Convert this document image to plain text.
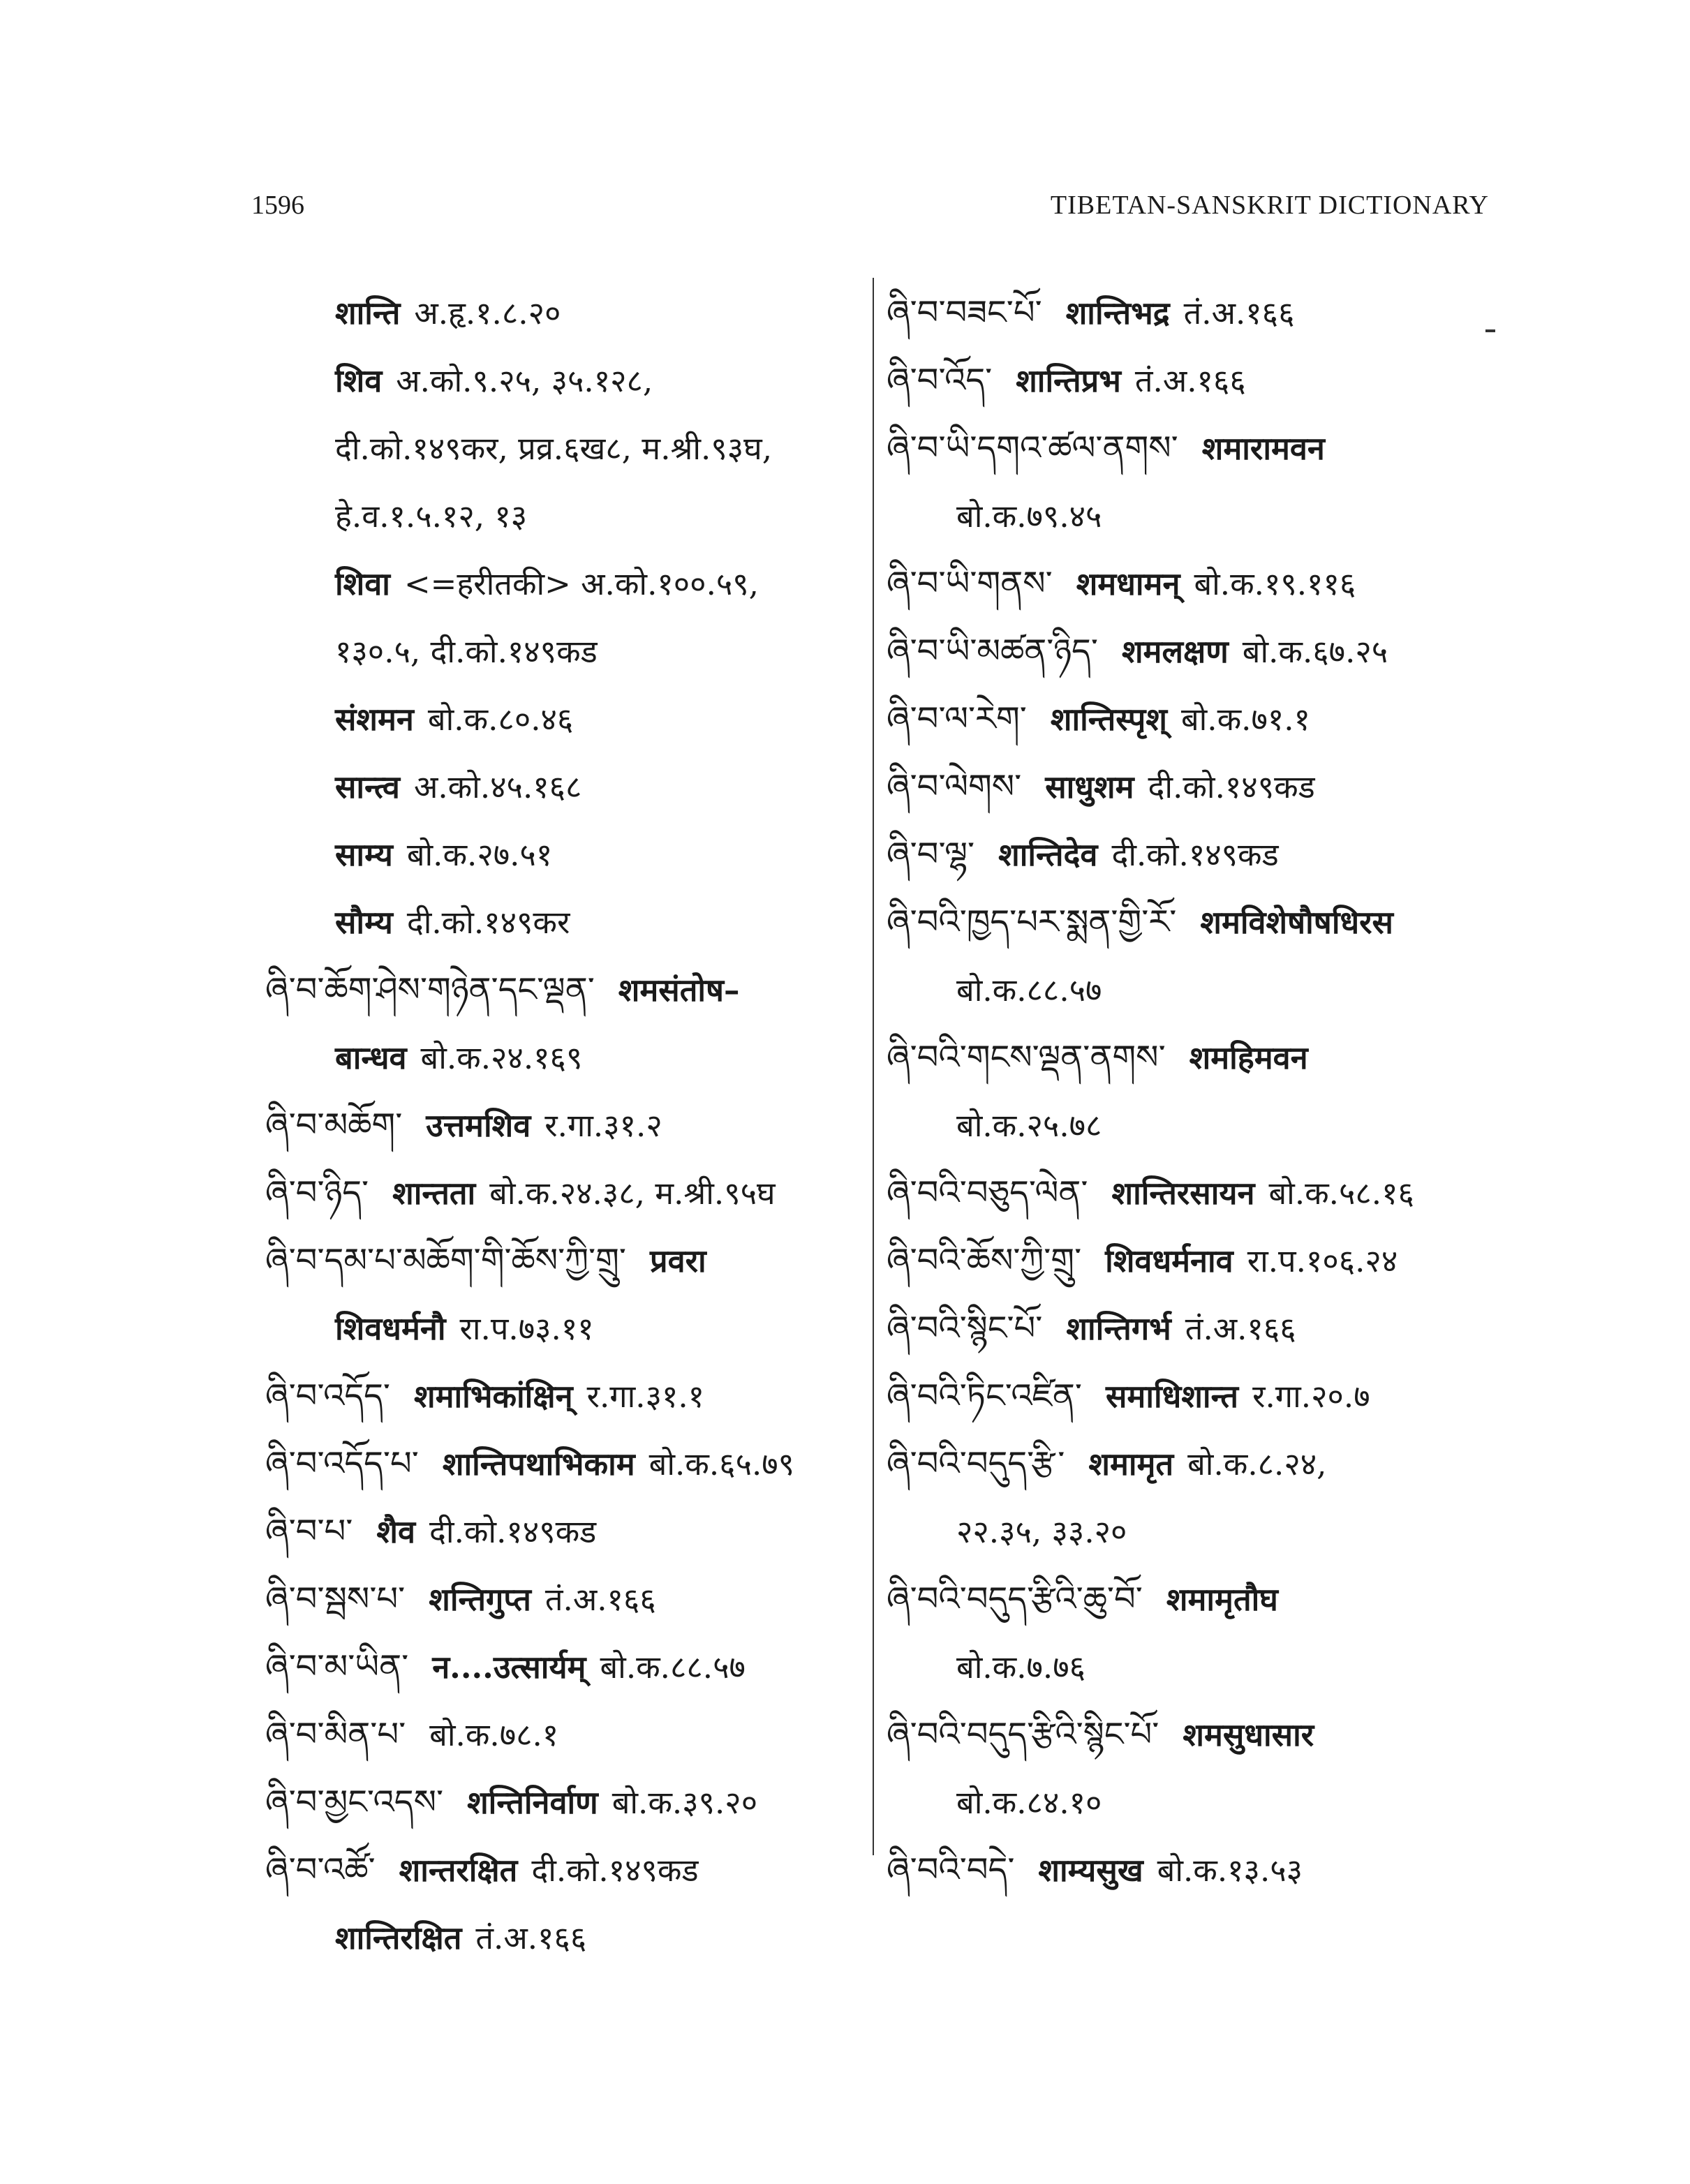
1596	TIBETAN-SANSKRIT DICTIONARY
शान्ति अ.हृ.१.८.२०
शिव अ.को.९.२५, ३५.१२८,
दी.को.१४९कर, प्रव्र.६ख८, म.श्री.९३घ,
हे.व.१.५.१२, १३
शिवा <=हरीतकी> अ.को.१००.५९,
१३०.५, दी.को.१४९कड
संशमन बो.क.८०.४६
सान्त्व अ.को.४५.१६८
साम्य बो.क.२७.५१
सौम्य दी.को.१४९कर
ཞི་བ་ཆོག་ཤེས་གཉེན་དང་ལྡན་ शमसंतोष–
बान्धव बो.क.२४.१६९
ཞི་བ་མཆོག་ उत्तमशिव र.गा.३१.२
ཞི་བ་ཉིད་ शान्तता बो.क.२४.३८, म.श्री.९५घ
ཞི་བ་དམ་པ་མཆོག་གི་ཆོས་ཀྱི་གྲུ་ प्रवरा
शिवधर्मनौ रा.प.७३.११
ཞི་བ་འདོད་ शमाभिकांक्षिन् र.गा.३१.१
ཞི་བ་འདོད་པ་ शान्तिपथाभिकाम बो.क.६५.७९
ཞི་བ་པ་ शैव दी.को.१४९कड
ཞི་བ་སྦས་པ་ शन्तिगुप्त तं.अ.१६६
ཞི་བ་མ་ཡིན་ न....उत्सार्यम् बो.क.८८.५७
ཞི་བ་མིན་པ་ बो.क.७८.१
ཞི་བ་མྱང་འདས་ शन्तिनिर्वाण बो.क.३९.२०
ཞི་བ་འཚོ་ शान्तरक्षित दी.को.१४९कड
शान्तिरक्षित तं.अ.१६६
ཞི་བ་བཟང་པོ་ शान्तिभद्र तं.अ.१६६
ཞི་བ་འོད་ शान्तिप्रभ तं.अ.१६६
ཞི་བ་ཡི་དགའ་ཚལ་ནགས་ शमारामवन
बो.क.७९.४५
ཞི་བ་ཡི་གནས་ शमधामन् बो.क.१९.११६
ཞི་བ་ཡི་མཚན་ཉིད་ शमलक्षण बो.क.६७.२५
ཞི་བ་ལ་རེག་ शान्तिस्पृश् बो.क.७१.१
ཞི་བ་ལེགས་ साधुशम दी.को.१४९कड
ཞི་བ་ལྷ་ शान्तिदेव दी.को.१४९कड
ཞི་བའི་ཁྱད་པར་སྨན་གྱི་རོ་ शमविशेषौषधिरस
बो.क.८८.५७
ཞི་བའི་གངས་ལྡན་ནགས་ शमहिमवन
बो.क.२५.७८
ཞི་བའི་བཅུད་ལེན་ शान्तिरसायन बो.क.५८.१६
ཞི་བའི་ཆོས་ཀྱི་གྲུ་ शिवधर्मनाव रा.प.१०६.२४
ཞི་བའི་སྙིང་པོ་ शान्तिगर्भ तं.अ.१६६
ཞི་བའི་ཏིང་འཛིན་ समाधिशान्त र.गा.२०.७
ཞི་བའི་བདུད་རྩི་ शमामृत बो.क.८.२४,
२२.३५, ३३.२०
ཞི་བའི་བདུད་རྩིའི་ཆུ་བོ་ शमामृतौघ
बो.क.७.७६
ཞི་བའི་བདུད་རྩིའི་སྙིང་པོ་ शमसुधासार
बो.क.८४.१०
ཞི་བའི་བདེ་ शाम्यसुख बो.क.१३.५३
